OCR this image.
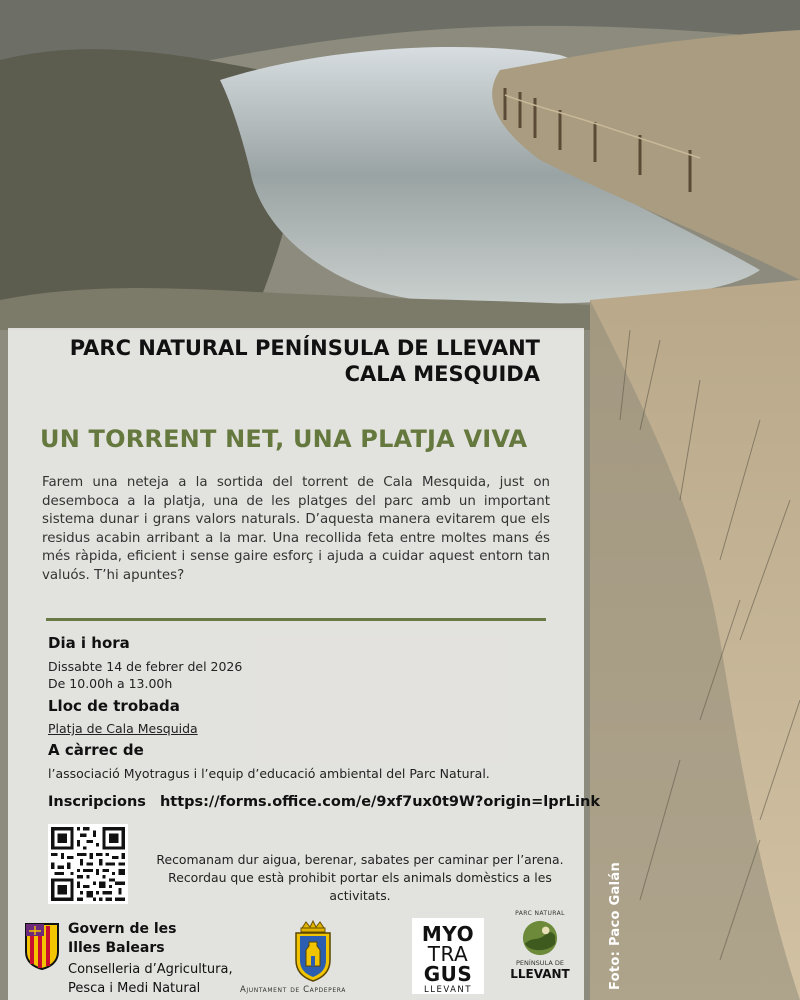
PARC NATURAL PENÍNSULA DE LLEVANT
CALA MESQUIDA
UN TORRENT NET, UNA PLATJA VIVA

Farem una neteja a la sortida del torrent de Cala Mesquida, just on desemboca a la platja, una de les platges del parc amb un important sistema dunar i grans valors naturals. D’aquesta manera evitarem que els residus acabin arribant a la mar. Una recollida feta entre moltes mans és més ràpida, eficient i sense gaire esforç i ajuda a cuidar aquest entorn tan valuós. T’hi apuntes?

Dia i hora
Dissabte 14 de febrer del 2026
De 10.00h a 13.00h
Lloc de trobada
Platja de Cala Mesquida
A càrrec de
l’associació Myotragus i l’equip d’educació ambiental del Parc Natural.
Inscripcions https://forms.office.com/e/9xf7ux0t9W?origin=lprLink
Recomanam dur aigua, berenar, sabates per caminar per l’arena.
Recordau que està prohibit portar els animals domèstics a les activitats.
Govern de les
Illes Balears
Conselleria d’Agricultura,
Pesca i Medi Natural	Ajuntament de Capdepera
MYO
TRA
GUS
LLEVANT
PARC NATURAL
PENÍNSULA DE
LLEVANT	Foto: Paco Galán
